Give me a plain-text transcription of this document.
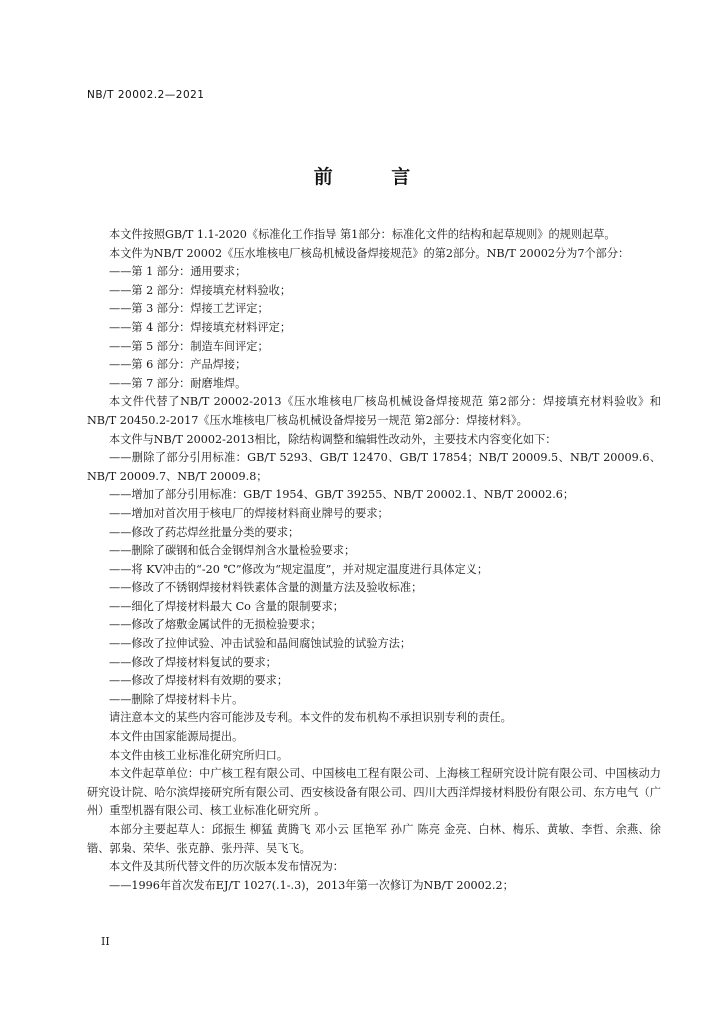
NB/T 20002.2—2021
前 言

本文件按照GB/T 1.1-2020《标准化工作指导 第1部分：标准化文件的结构和起草规则》的规则起草。

本文件为NB/T 20002《压水堆核电厂核岛机械设备焊接规范》的第2部分。NB/T 20002分为7个部分：

——第 1 部分：通用要求；

——第 2 部分：焊接填充材料验收；

——第 3 部分：焊接工艺评定；

——第 4 部分：焊接填充材料评定；

——第 5 部分：制造车间评定；

——第 6 部分：产品焊接；

——第 7 部分：耐磨堆焊。

本文件代替了NB/T 20002-2013《压水堆核电厂核岛机械设备焊接规范 第2部分：焊接填充材料验收》和NB/T 20450.2-2017《压水堆核电厂核岛机械设备焊接另一规范 第2部分：焊接材料》。

本文件与NB/T 20002-2013相比，除结构调整和编辑性改动外，主要技术内容变化如下：

——删除了部分引用标准：GB/T 5293、GB/T 12470、GB/T 17854；NB/T 20009.5、NB/T 20009.6、NB/T 20009.7、NB/T 20009.8；

——增加了部分引用标准：GB/T 1954、GB/T 39255、NB/T 20002.1、NB/T 20002.6；

——增加对首次用于核电厂的焊接材料商业牌号的要求；

——修改了药芯焊丝批量分类的要求；

——删除了碳钢和低合金钢焊剂含水量检验要求；

——将 KV冲击的“-20 ℃”修改为“规定温度”，并对规定温度进行具体定义；

——修改了不锈钢焊接材料铁素体含量的测量方法及验收标准；

——细化了焊接材料最大 Co 含量的限制要求；

——修改了熔敷金属试件的无损检验要求；

——修改了拉伸试验、冲击试验和晶间腐蚀试验的试验方法；

——修改了焊接材料复试的要求；

——修改了焊接材料有效期的要求；

——删除了焊接材料卡片。

请注意本文的某些内容可能涉及专利。本文件的发布机构不承担识别专利的责任。

本文件由国家能源局提出。

本文件由核工业标准化研究所归口。

本文件起草单位：中广核工程有限公司、中国核电工程有限公司、上海核工程研究设计院有限公司、中国核动力研究设计院、哈尔滨焊接研究所有限公司、西安核设备有限公司、四川大西洋焊接材料股份有限公司、东方电气（广州）重型机器有限公司、核工业标准化研究所 。

本部分主要起草人：邱振生 柳猛 黄腾飞 邓小云 匡艳军 孙广 陈亮 金亮、白林、梅乐、黄敏、李哲、余燕、徐锴、郭枭、荣华、张克静、张丹萍、吴飞飞。

本文件及其所代替文件的历次版本发布情况为：

——1996年首次发布EJ/T 1027(.1-.3)，2013年第一次修订为NB/T 20002.2；

II
